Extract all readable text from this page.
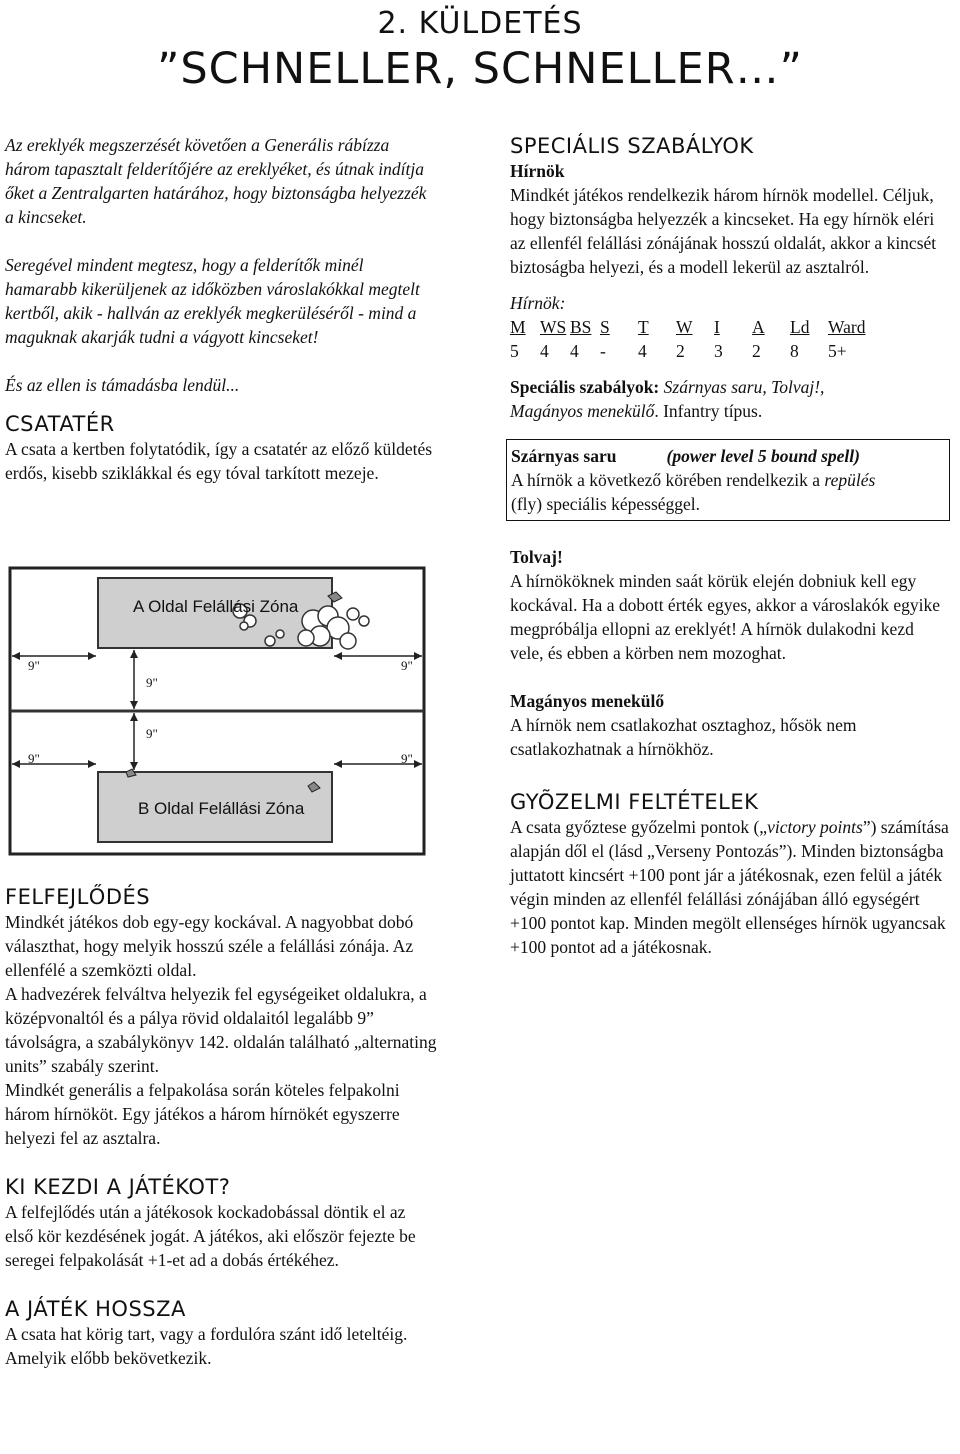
2. KÜLDETÉS
”SCHNELLER, SCHNELLER…”

Az ereklyék megszerzését követően a Generális rábízza három tapasztalt felderítőjére az ereklyéket, és útnak indítja őket a Zentralgarten határához, hogy biztonságba helyezzék a kincseket.

Seregével mindent megtesz, hogy a felderítők minél hamarabb kikerüljenek az időközben városlakókkal megtelt kertből, akik - hallván az ereklyék megkerüléséről - mind a maguknak akarják tudni a vágyott kincseket!

És az ellen is támadásba lendül...

CSATATÉR

A csata a kertben folytatódik, így a csatatér az előző küldetés erdős, kisebb sziklákkal és egy tóval tarkított mezeje.

A Oldal Felállási Zóna
B Oldal Felállási Zóna
9"	9"
9"
9"
9"	9"
FELFEJLŐDÉS

Mindkét játékos dob egy-egy kockával. A nagyobbat dobó választhat, hogy melyik hosszú széle a felállási zónája. Az ellenfélé a szemközti oldal.

A hadvezérek felváltva helyezik fel egységeiket oldalukra, a középvonaltól és a pálya rövid oldalaitól legalább 9” távolságra, a szabálykönyv 142. oldalán található „alternating units” szabály szerint.

Mindkét generális a felpakolása során köteles felpakolni három hírnököt. Egy játékos a három hírnökét egyszerre helyezi fel az asztalra.

KI KEZDI A JÁTÉKOT?

A felfejlődés után a játékosok kockadobással döntik el az első kör kezdésének jogát. A játékos, aki először fejezte be seregei felpakolását +1-et ad a dobás értékéhez.

A JÁTÉK HOSSZA

A csata hat körig tart, vagy a fordulóra szánt idő leteltéig. Amelyik előbb bekövetkezik.

SPECIÁLIS SZABÁLYOK

Hírnök

Mindkét játékos rendelkezik három hírnök modellel. Céljuk, hogy biztonságba helyezzék a kincseket. Ha egy hírnök eléri az ellenfél felállási zónájának hosszú oldalát, akkor a kincsét biztoságba helyezi, és a modell lekerül az asztalról.

Hírnök:

M WS BS S	T	W	I	A	Ld	Ward
5	4	4	-	4	2	3	2	8	5+

Speciális szabályok: Szárnyas saru, Tolvaj!,
Magányos menekülő. Infantry típus.

Szárnyas saru	(power level 5 bound spell)

A hírnök a következő körében rendelkezik a repülés
(fly) speciális képességgel.

Tolvaj!

A hírnököknek minden saát körük elején dobniuk kell egy kockával. Ha a dobott érték egyes, akkor a városlakók egyike megpróbálja ellopni az ereklyét! A hírnök dulakodni kezd vele, és ebben a körben nem mozoghat.

Magányos menekülő

A hírnök nem csatlakozhat osztaghoz, hősök nem csatlakozhatnak a hírnökhöz.

GYÕZELMI FELTÉTELEK

A csata győztese győzelmi pontok („victory points”) számítása alapján dől el (lásd „Verseny Pontozás”). Minden biztonságba juttatott kincsért +100 pont jár a játékosnak, ezen felül a játék végin minden az ellenfél felállási zónájában álló egységért +100 pontot kap. Minden megölt ellenséges hírnök ugyancsak +100 pontot ad a játékosnak.
